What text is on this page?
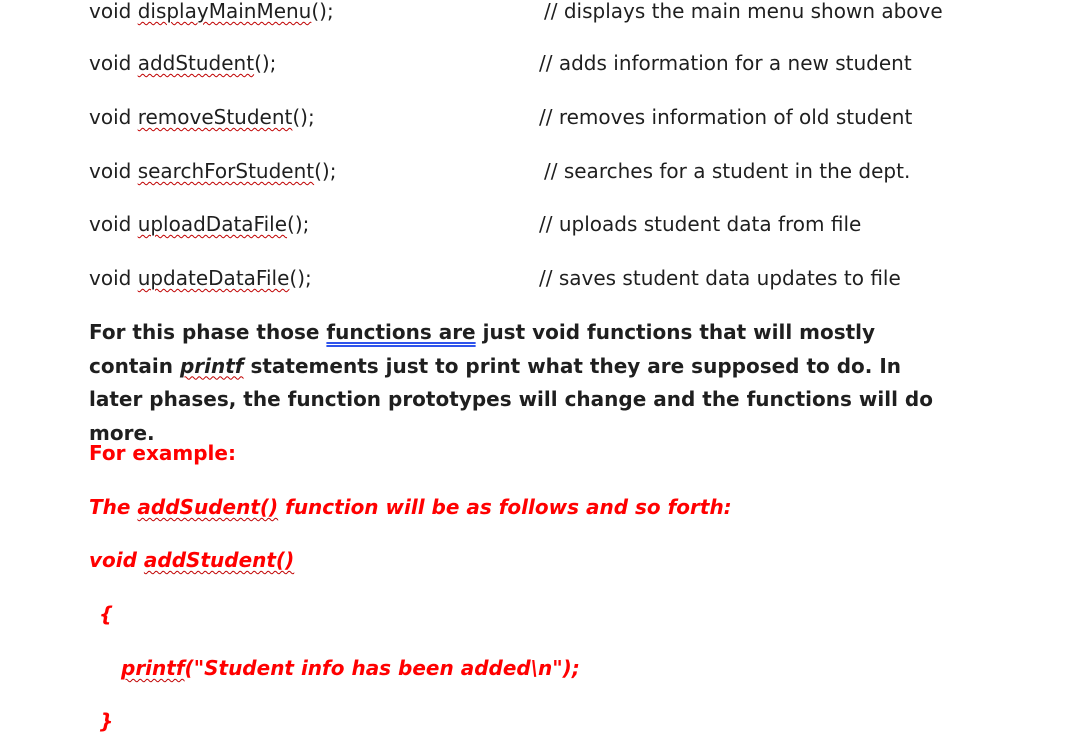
void displayMainMenu();	// displays the main menu shown above
void addStudent();	// adds information for a new student
void removeStudent();	// removes information of old student
void searchForStudent();	// searches for a student in the dept.
void uploadDataFile();	// uploads student data from file
void updateDataFile();	// saves student data updates to file
For this phase those functions are just void functions that will mostly contain printf statements just to print what they are supposed to do. In later phases, the function prototypes will change and the functions will do more.
For example:
The addSudent() function will be as follows and so forth:
void addStudent()
{
printf("Student info has been added\n");
}
